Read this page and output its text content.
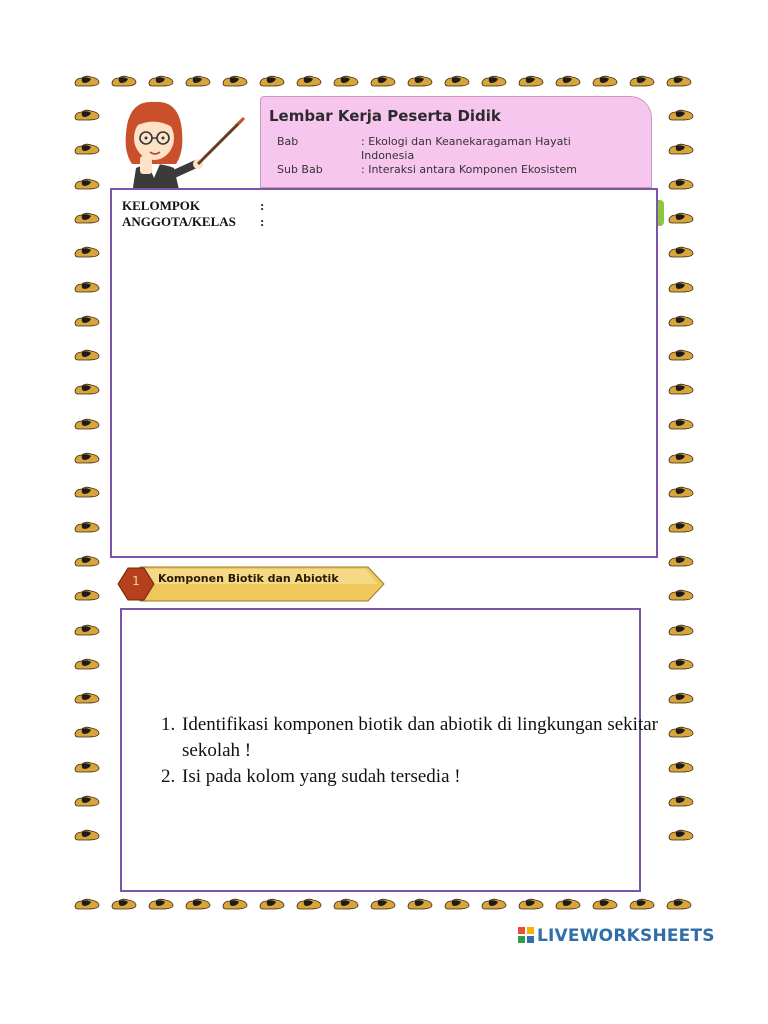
Lembar Kerja Peserta Didik
Bab	: Ekologi dan Keanekaragaman Hayati Indonesia
Sub Bab	: Interaksi antara Komponen Ekosistem
KELOMPOK	:
ANGGOTA/KELAS :
1	Komponen Biotik dan Abiotik
1. Identifikasi komponen biotik dan abiotik di lingkungan sekitar sekolah !
2. Isi pada kolom yang sudah tersedia !
LIVEWORKSHEETS
